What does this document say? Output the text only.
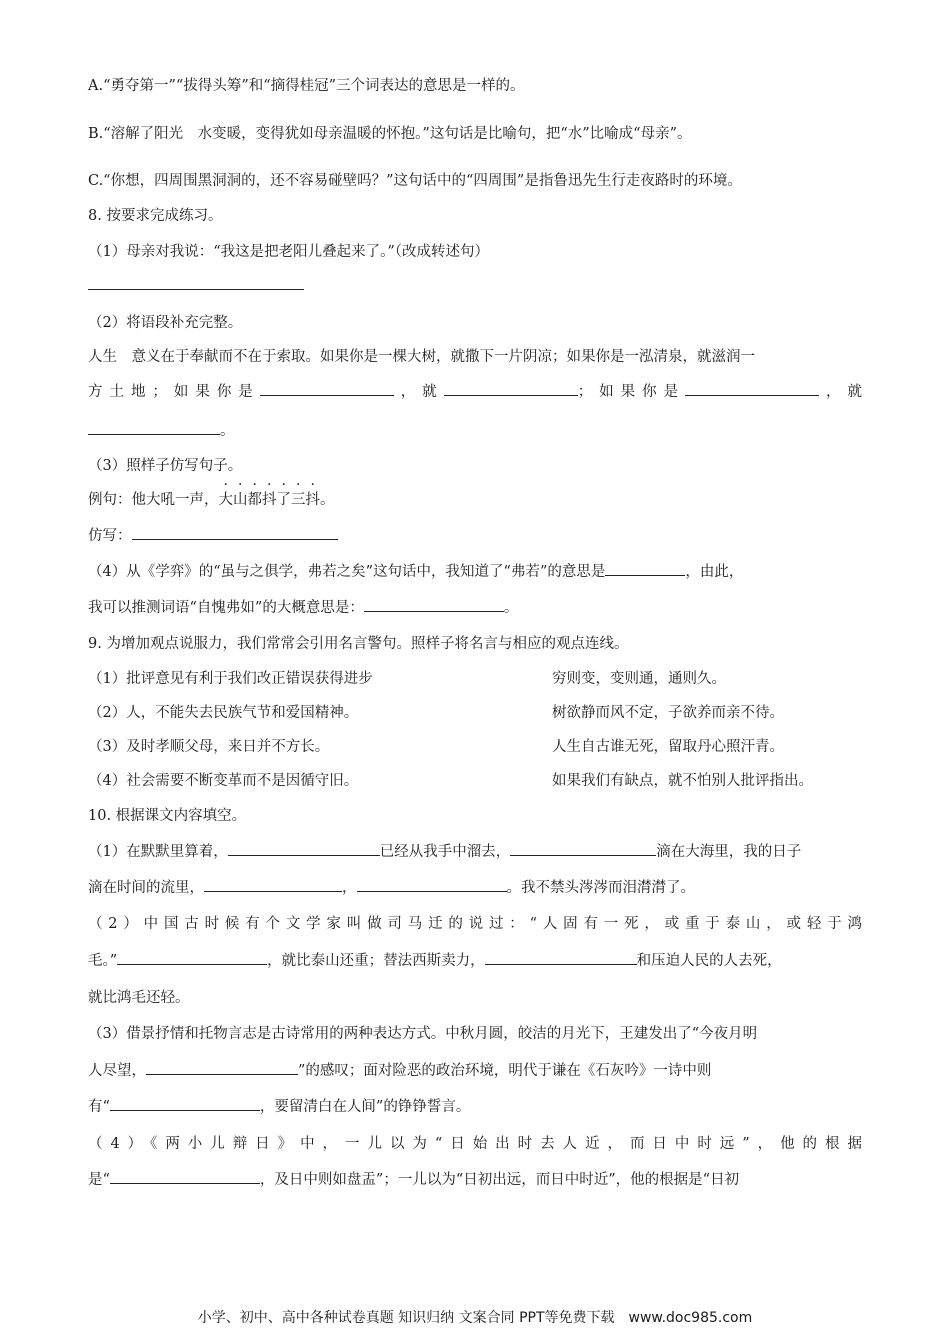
A.“勇夺第一”“拔得头筹”和“摘得桂冠”三个词表达的意思是一样的。
B.“溶解了阳光　水变暖，变得犹如母亲温暖的怀抱。”这句话是比喻句，把“水”比喻成“母亲”。
C.“你想，四周围黑洞洞的，还不容易碰壁吗？”这句话中的“四周围”是指鲁迅先生行走夜路时的环境。
8. 按要求完成练习。
（1）母亲对我说：“我这是把老阳儿叠起来了。”（改成转述句）
（2）将语段补充完整。
人生　意义在于奉献而不在于索取。如果你是一棵大树，就撒下一片阴凉；如果你是一泓清泉，就滋润一
方土地；如果你是	，就	；如果你是	，就
。
（3）照样子仿写句子。
例句：他大吼一声，大山都抖了三抖。
仿写：
（4）从《学弈》的“虽与之俱学，弗若之矣”这句话中，我知道了“弗若”的意思是	，由此，
我可以推测词语“自愧弗如”的大概意思是：	。
9. 为增加观点说服力，我们常常会引用名言警句。照样子将名言与相应的观点连线。
（1）批评意见有利于我们改正错误获得进步	穷则变，变则通，通则久。
（2）人，不能失去民族气节和爱国精神。	树欲静而风不定，子欲养而亲不待。
（3）及时孝顺父母，来日并不方长。	人生自古谁无死，留取丹心照汗青。
（4）社会需要不断变革而不是因循守旧。	如果我们有缺点，就不怕别人批评指出。
10. 根据课文内容填空。
（1）在默默里算着，	已经从我手中溜去，	滴在大海里，我的日子
滴在时间的流里，	，	。我不禁头涔涔而泪潸潸了。
（2）中国古时候有个文学家叫做司马迁的说过：“人固有一死，或重于泰山，或轻于鸿
毛。”	，就比泰山还重；替法西斯卖力，	和压迫人民的人去死，
就比鸿毛还轻。
（3）借景抒情和托物言志是古诗常用的两种表达方式。中秋月圆，皎洁的月光下，王建发出了“今夜月明
人尽望，	”的感叹；面对险恶的政治环境，明代于谦在《石灰吟》一诗中则
有“	，要留清白在人间”的铮铮誓言。
（4）《两小儿辩日》中，一儿以为“日始出时去人近，而日中时远”，他的根据
是“	，及日中则如盘盂”；一儿以为“日初出远，而日中时近”，他的根据是“日初
小学、初中、高中各种试卷真题 知识归纳 文案合同 PPT等免费下载 www.doc985.com
